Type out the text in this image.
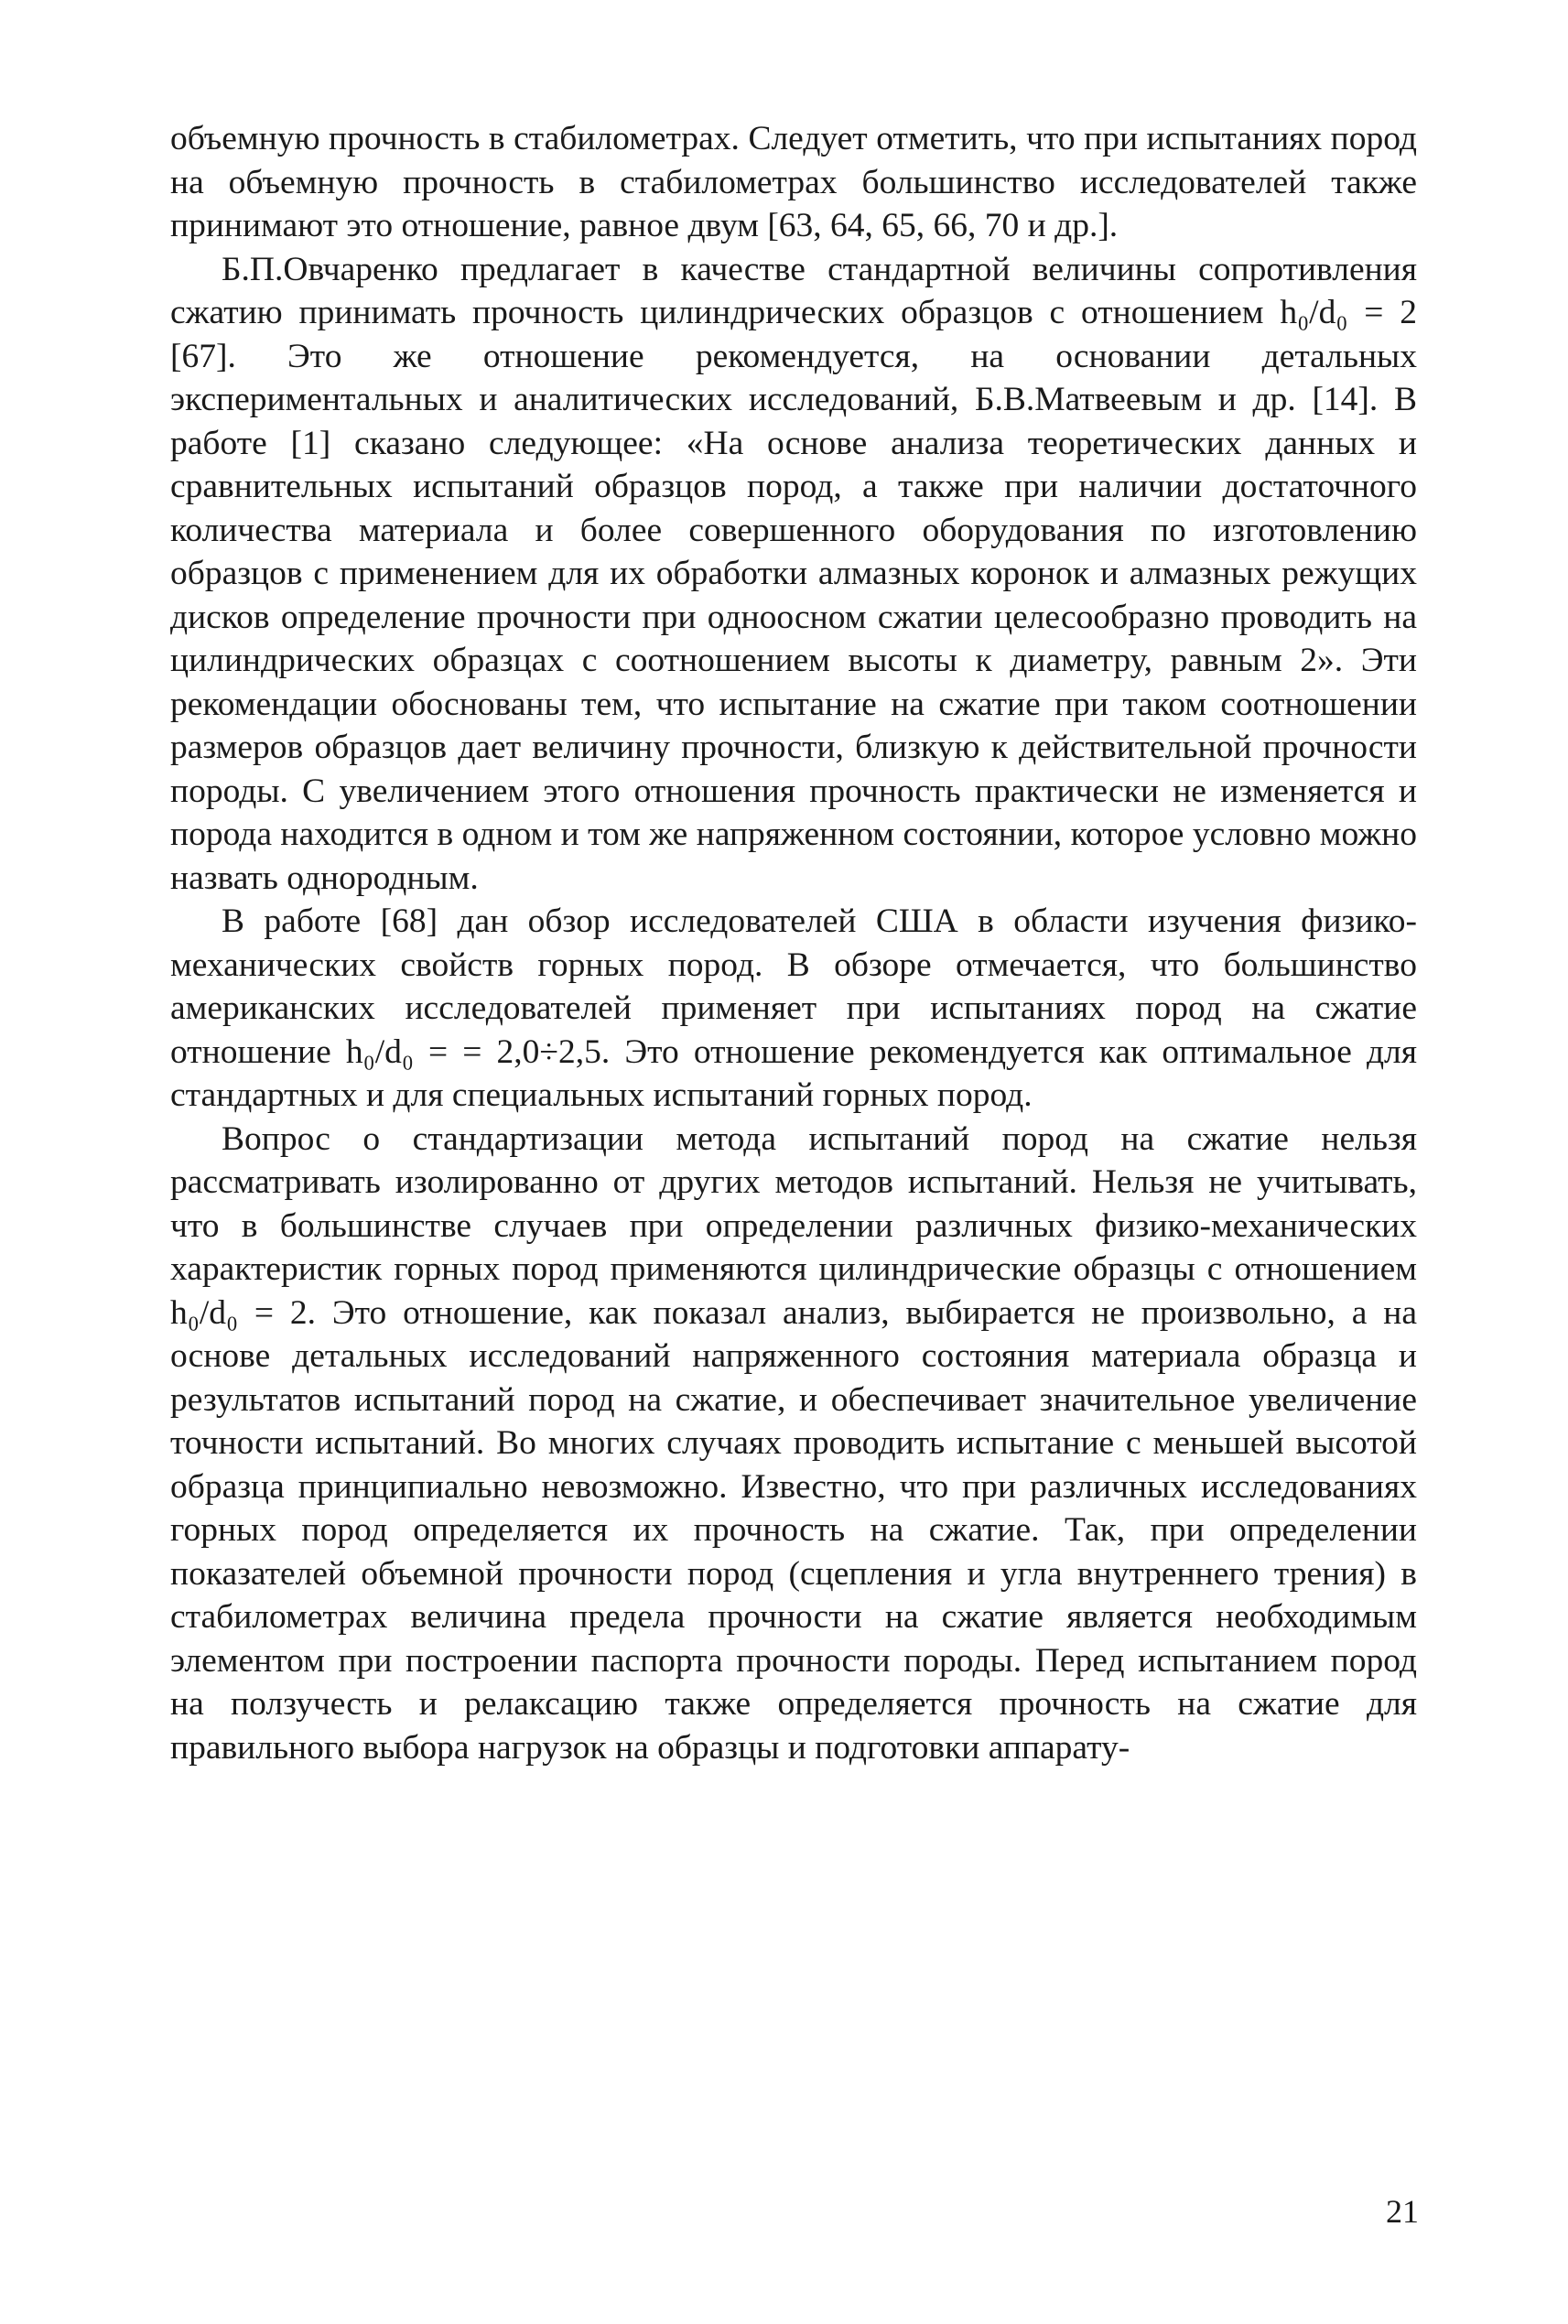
объемную прочность в стабилометрах. Следует отметить, что при испытаниях пород на объемную прочность в стабилометрах большинство исследователей также принимают это отношение, равное двум [63, 64, 65, 66, 70 и др.].

Б.П.Овчаренко предлагает в качестве стандартной величины сопротивления сжатию принимать прочность цилиндрических образцов с отношением h₀/d₀ = 2 [67]. Это же отношение рекомендуется, на основании детальных экспериментальных и аналитических исследований, Б.В.Матвеевым и др. [14]. В работе [1] сказано следующее: «На основе анализа теоретических данных и сравнительных испытаний образцов пород, а также при наличии достаточного количества материала и более совершенного оборудования по изготовлению образцов с применением для их обработки алмазных коронок и алмазных режущих дисков определение прочности при одноосном сжатии целесообразно проводить на цилиндрических образцах с соотношением высоты к диаметру, равным 2». Эти рекомендации обоснованы тем, что испытание на сжатие при таком соотношении размеров образцов дает величину прочности, близкую к действительной прочности породы. С увеличением этого отношения прочность практически не изменяется и порода находится в одном и том же напряженном состоянии, которое условно можно назвать однородным.

В работе [68] дан обзор исследователей США в области изучения физико-механических свойств горных пород. В обзоре отмечается, что большинство американских исследователей применяет при испытаниях пород на сжатие отношение h₀/d₀ = = 2,0÷2,5. Это отношение рекомендуется как оптимальное для стандартных и для специальных испытаний горных пород.

Вопрос о стандартизации метода испытаний пород на сжатие нельзя рассматривать изолированно от других методов испытаний. Нельзя не учитывать, что в большинстве случаев при определении различных физико-механических характеристик горных пород применяются цилиндрические образцы с отношением h₀/d₀ = 2. Это отношение, как показал анализ, выбирается не произвольно, а на основе детальных исследований напряженного состояния материала образца и результатов испытаний пород на сжатие, и обеспечивает значительное увеличение точности испытаний. Во многих случаях проводить испытание с меньшей высотой образца принципиально невозможно. Известно, что при различных исследованиях горных пород определяется их прочность на сжатие. Так, при определении показателей объемной прочности пород (сцепления и угла внутреннего трения) в стабилометрах величина предела прочности на сжатие является необходимым элементом при построении паспорта прочности породы. Перед испытанием пород на ползучесть и релаксацию также определяется прочность на сжатие для правильного выбора нагрузок на образцы и подготовки аппарату-

21
